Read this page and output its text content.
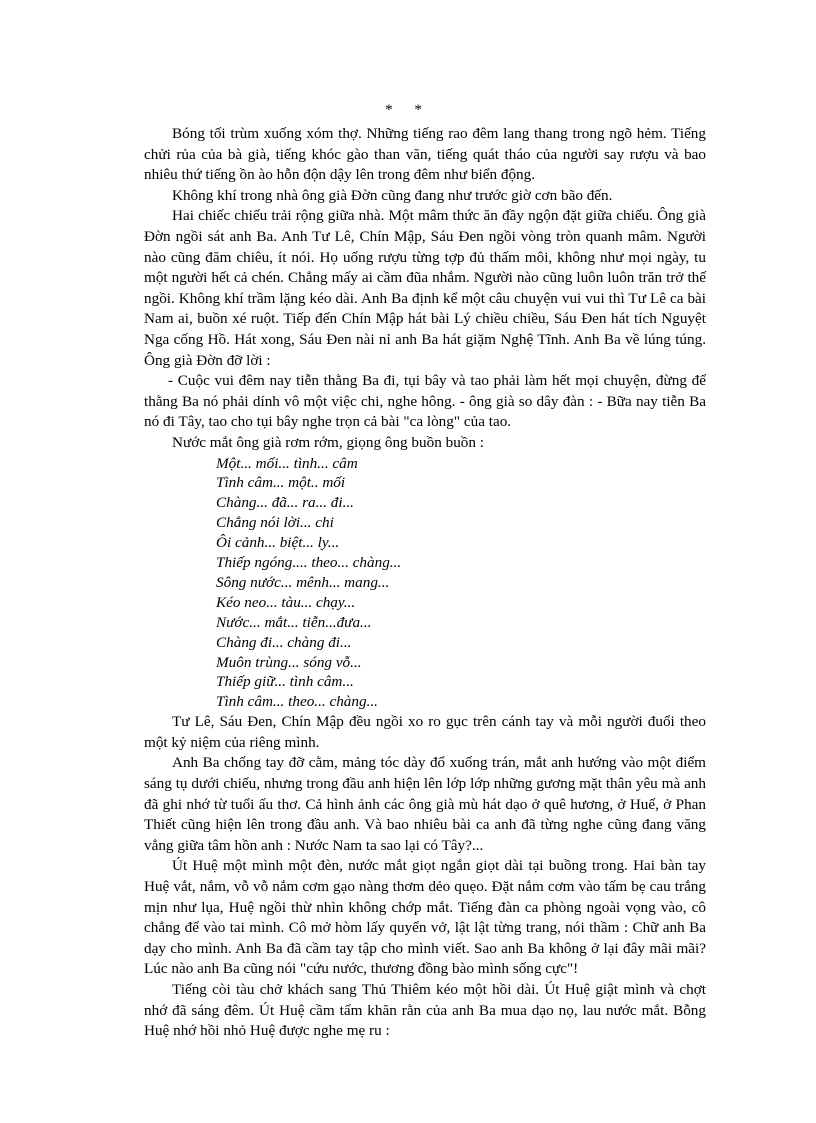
* *

Bóng tối trùm xuống xóm thợ. Những tiếng rao đêm lang thang trong ngõ hẻm. Tiếng chửi rủa của bà già, tiếng khóc gào than văn, tiếng quát tháo của người say rượu và bao nhiêu thứ tiếng ồn ào hỗn độn dậy lên trong đêm như biển động.

Không khí trong nhà ông già Đờn cũng đang như trước giờ cơn bão đến.

Hai chiếc chiếu trải rộng giữa nhà. Một mâm thức ăn đầy ngộn đặt giữa chiếu. Ông già Đờn ngồi sát anh Ba. Anh Tư Lê, Chín Mập, Sáu Đen ngồi vòng tròn quanh mâm. Người nào cũng đăm chiêu, ít nói. Họ uống rượu từng tợp đủ thấm môi, không như mọi ngày, tu một người hết cả chén. Chẳng mấy ai cầm đũa nhắm. Người nào cũng luôn luôn trăn trở thế ngồi. Không khí trầm lặng kéo dài. Anh Ba định kể một câu chuyện vui vui thì Tư Lê ca bài Nam ai, buồn xé ruột. Tiếp đến Chín Mập hát bài Lý chiều chiều, Sáu Đen hát tích Nguyệt Nga cống Hồ. Hát xong, Sáu Đen nài nỉ anh Ba hát giặm Nghệ Tĩnh. Anh Ba về lúng túng. Ông già Đờn đỡ lời :

- Cuộc vui đêm nay tiễn thằng Ba đi, tụi bây và tao phải làm hết mọi chuyện, đừng để thằng Ba nó phải dính vô một việc chi, nghe hông. - ông già so dây đàn : - Bữa nay tiễn Ba nó đi Tây, tao cho tụi bây nghe trọn cả bài "ca lòng" của tao.

Nước mắt ông già rơm rớm, giọng ông buồn buồn :

Một... mối... tình... câm
Tình câm... một.. mối
Chàng... đã... ra... đi...
Chẳng nói lời... chi
Ôi cảnh... biệt... ly...
Thiếp ngóng.... theo... chàng...
Sông nước... mênh... mang...
Kéo neo... tàu... chạy...
Nước... mắt... tiễn...đưa...
Chàng đi... chàng đi...
Muôn trùng... sóng vỗ...
Thiếp giữ... tình câm...
Tình câm... theo... chàng...

Tư Lê, Sáu Đen, Chín Mập đều ngồi xo ro gục trên cánh tay và mỗi người đuổi theo một kỷ niệm của riêng mình.

Anh Ba chống tay đỡ cằm, mảng tóc dày đổ xuống trán, mắt anh hướng vào một điểm sáng tụ dưới chiếu, nhưng trong đầu anh hiện lên lớp lớp những gương mặt thân yêu mà anh đã ghi nhớ từ tuổi ấu thơ. Cả hình ảnh các ông già mù hát dạo ở quê hương, ở Huế, ở Phan Thiết cũng hiện lên trong đầu anh. Và bao nhiêu bài ca anh đã từng nghe cũng đang văng vẳng giữa tâm hồn anh : Nước Nam ta sao lại có Tây?...

Út Huệ một mình một đèn, nước mắt giọt ngắn giọt dài tại buồng trong. Hai bàn tay Huệ vắt, nắm, vỗ vỗ nắm cơm gạo nàng thơm dẻo quẹo. Đặt nắm cơm vào tấm bẹ cau trắng mịn như lụa, Huệ ngồi thừ nhìn không chớp mắt. Tiếng đàn ca phòng ngoài vọng vào, cô chẳng để vào tai mình. Cô mở hòm lấy quyển vở, lật lật từng trang, nói thầm : Chữ anh Ba dạy cho mình. Anh Ba đã cầm tay tập cho mình viết. Sao anh Ba không ở lại đây mãi mãi? Lúc nào anh Ba cũng nói "cứu nước, thương đồng bào mình sống cực"!

Tiếng còi tàu chở khách sang Thủ Thiêm kéo một hồi dài. Út Huệ giật mình và chợt nhớ đã sáng đêm. Út Huệ cầm tấm khăn rằn của anh Ba mua dạo nọ, lau nước mắt. Bỗng Huệ nhớ hồi nhỏ Huệ được nghe mẹ ru :
